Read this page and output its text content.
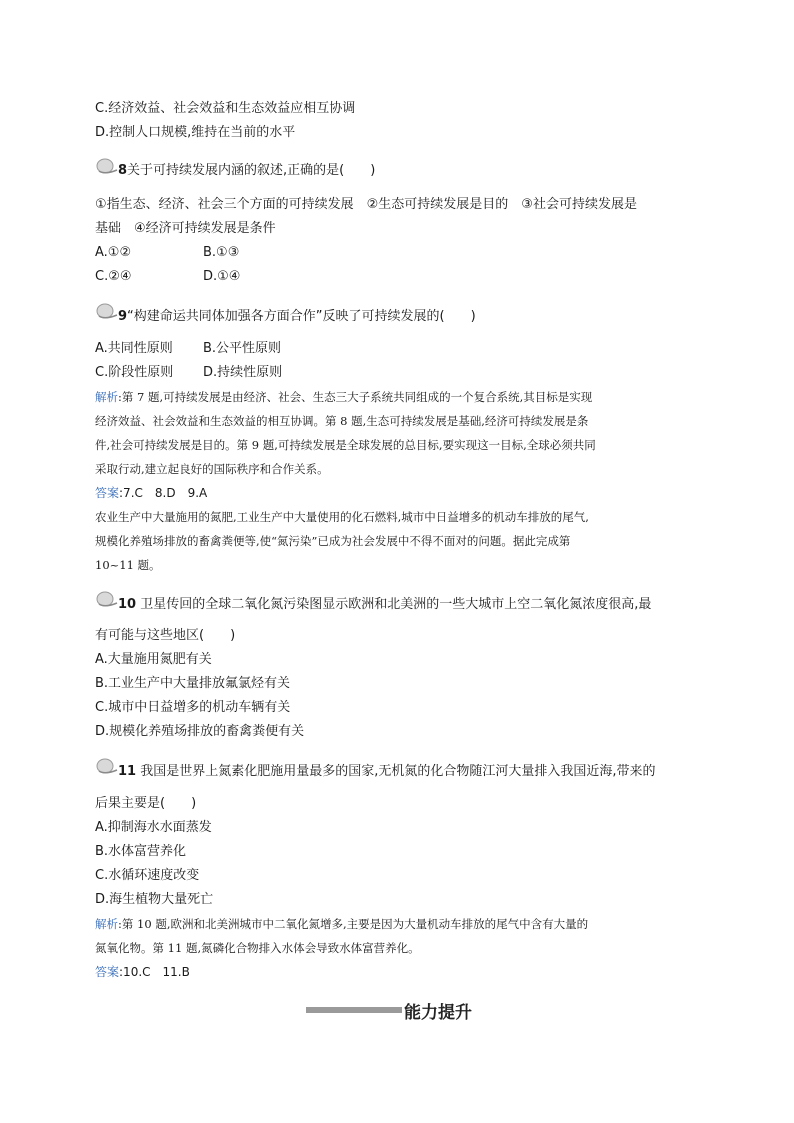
C.经济效益、社会效益和生态效益应相互协调
D.控制人口规模,维持在当前的水平
8关于可持续发展内涵的叙述,正确的是(　　)
①指生态、经济、社会三个方面的可持续发展　②生态可持续发展是目的　③社会可持续发展是
基础　④经济可持续发展是条件
A.①②	B.①③
C.②④	D.①④
9“构建命运共同体加强各方面合作”反映了可持续发展的(　　)
A.共同性原则 B.公平性原则
C.阶段性原则 D.持续性原则
解析:第 7 题,可持续发展是由经济、社会、生态三大子系统共同组成的一个复合系统,其目标是实现
经济效益、社会效益和生态效益的相互协调。第 8 题,生态可持续发展是基础,经济可持续发展是条
件,社会可持续发展是目的。第 9 题,可持续发展是全球发展的总目标,要实现这一目标,全球必须共同
采取行动,建立起良好的国际秩序和合作关系。
答案:7.C　8.D　9.A
农业生产中大量施用的氮肥,工业生产中大量使用的化石燃料,城市中日益增多的机动车排放的尾气,
规模化养殖场排放的畜禽粪便等,使“氮污染”已成为社会发展中不得不面对的问题。据此完成第
10~11 题。
10 卫星传回的全球二氧化氮污染图显示欧洲和北美洲的一些大城市上空二氧化氮浓度很高,最
有可能与这些地区(　　)
A.大量施用氮肥有关
B.工业生产中大量排放氟氯烃有关
C.城市中日益增多的机动车辆有关
D.规模化养殖场排放的畜禽粪便有关
11 我国是世界上氮素化肥施用量最多的国家,无机氮的化合物随江河大量排入我国近海,带来的
后果主要是(　　)
A.抑制海水水面蒸发
B.水体富营养化
C.水循环速度改变
D.海生植物大量死亡
解析:第 10 题,欧洲和北美洲城市中二氧化氮增多,主要是因为大量机动车排放的尾气中含有大量的
氮氧化物。第 11 题,氮磷化合物排入水体会导致水体富营养化。
答案:10.C　11.B
能力提升
